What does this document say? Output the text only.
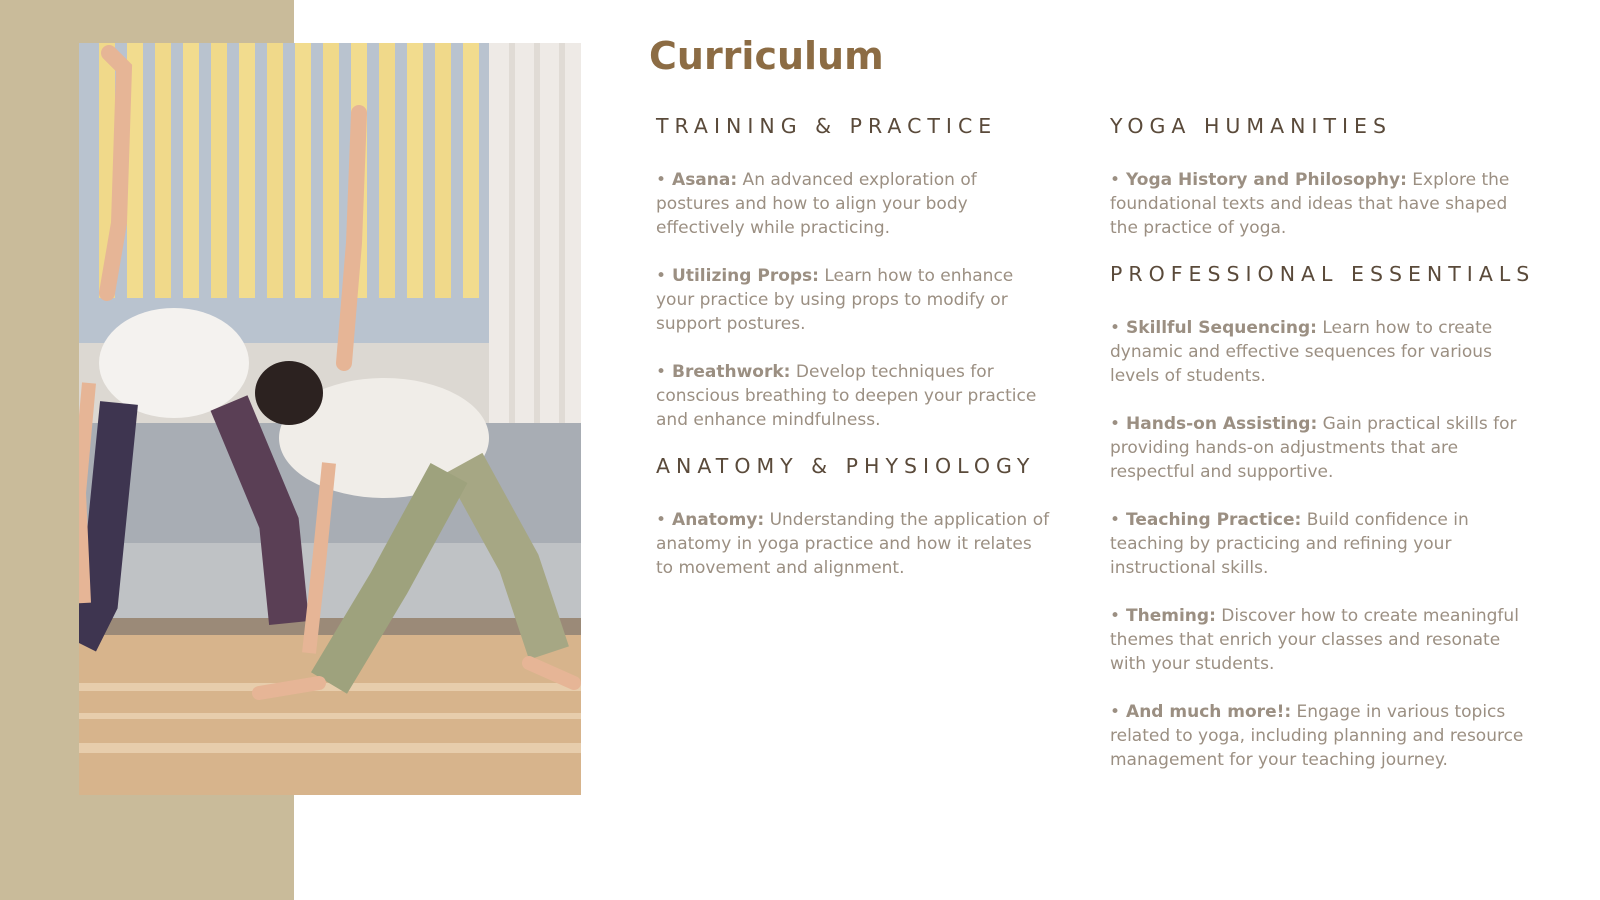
Curriculum
TRAINING & PRACTICE

• Asana: An advanced exploration of postures and how to align your body effectively while practicing.

• Utilizing Props: Learn how to enhance your practice by using props to modify or support postures.

• Breathwork: Develop techniques for conscious breathing to deepen your practice and enhance mindfulness.

ANATOMY & PHYSIOLOGY

• Anatomy: Understanding the application of anatomy in yoga practice and how it relates to movement and alignment.

YOGA HUMANITIES

• Yoga History and Philosophy: Explore the foundational texts and ideas that have shaped the practice of yoga.

PROFESSIONAL ESSENTIALS

• Skillful Sequencing: Learn how to create dynamic and effective sequences for various levels of students.

• Hands-on Assisting: Gain practical skills for providing hands-on adjustments that are respectful and supportive.

• Teaching Practice: Build confidence in teaching by practicing and refining your instructional skills.

• Theming: Discover how to create meaningful themes that enrich your classes and resonate with your students.

• And much more!: Engage in various topics related to yoga, including planning and resource management for your teaching journey.
